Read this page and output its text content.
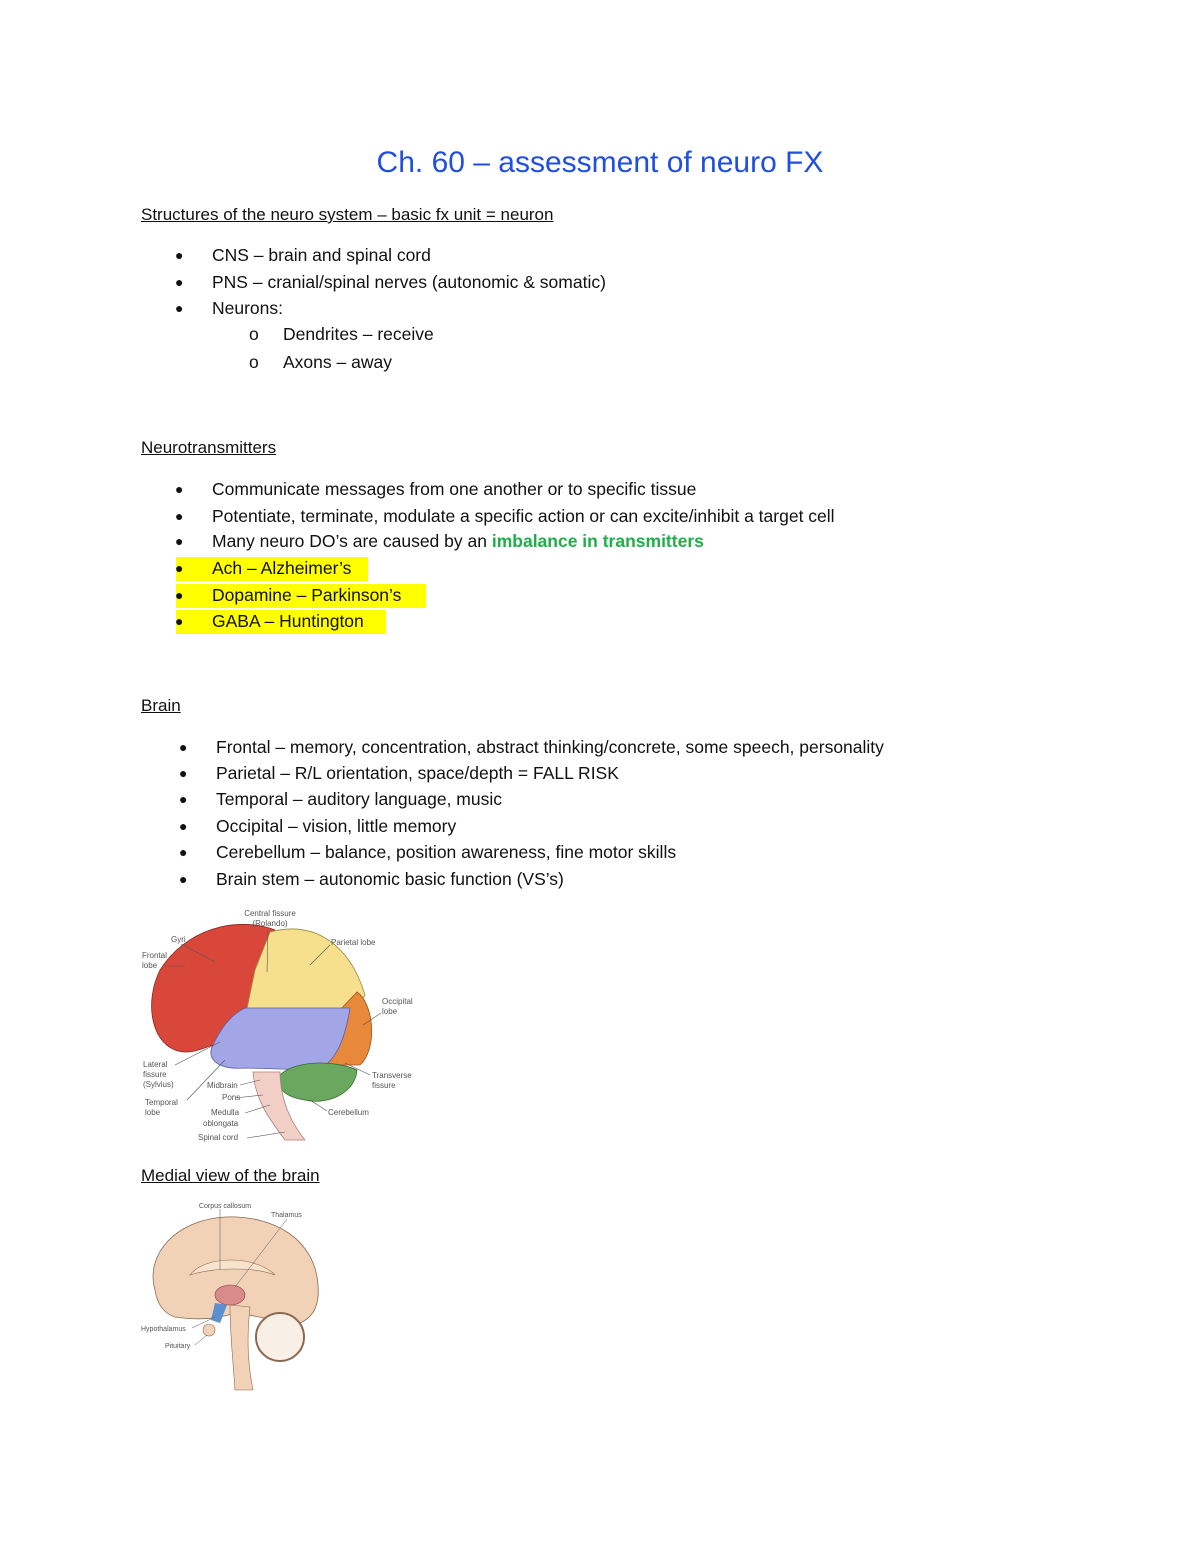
Ch. 60 – assessment of neuro FX
Structures of the neuro system – basic fx unit = neuron
● CNS – brain and spinal cord
● PNS – cranial/spinal nerves (autonomic & somatic)
● Neurons:
o Dendrites – receive
o Axons – away
Neurotransmitters
● Communicate messages from one another or to specific tissue
● Potentiate, terminate, modulate a specific action or can excite/inhibit a target cell
● Many neuro DO’s are caused by an imbalance in transmitters
● Ach – Alzheimer’s
● Dopamine – Parkinson’s
● GABA – Huntington
Brain
● Frontal – memory, concentration, abstract thinking/concrete, some speech, personality
● Parietal – R/L orientation, space/depth = FALL RISK
● Temporal – auditory language, music
● Occipital – vision, little memory
● Cerebellum – balance, position awareness, fine motor skills
● Brain stem – autonomic basic function (VS’s)
Central fissure
(Rolando)
Gyri
Frontal
lobe
Parietal lobe
Occipital
lobe
Lateral
fissure
(Sylvius)
Temporal
lobe
Midbrain
Pons
Medulla
oblongata
Spinal cord
Transverse
fissure
Cerebellum
Medial view of the brain
Corpus callosum
Thalamus
Hypothalamus
Pituitary
